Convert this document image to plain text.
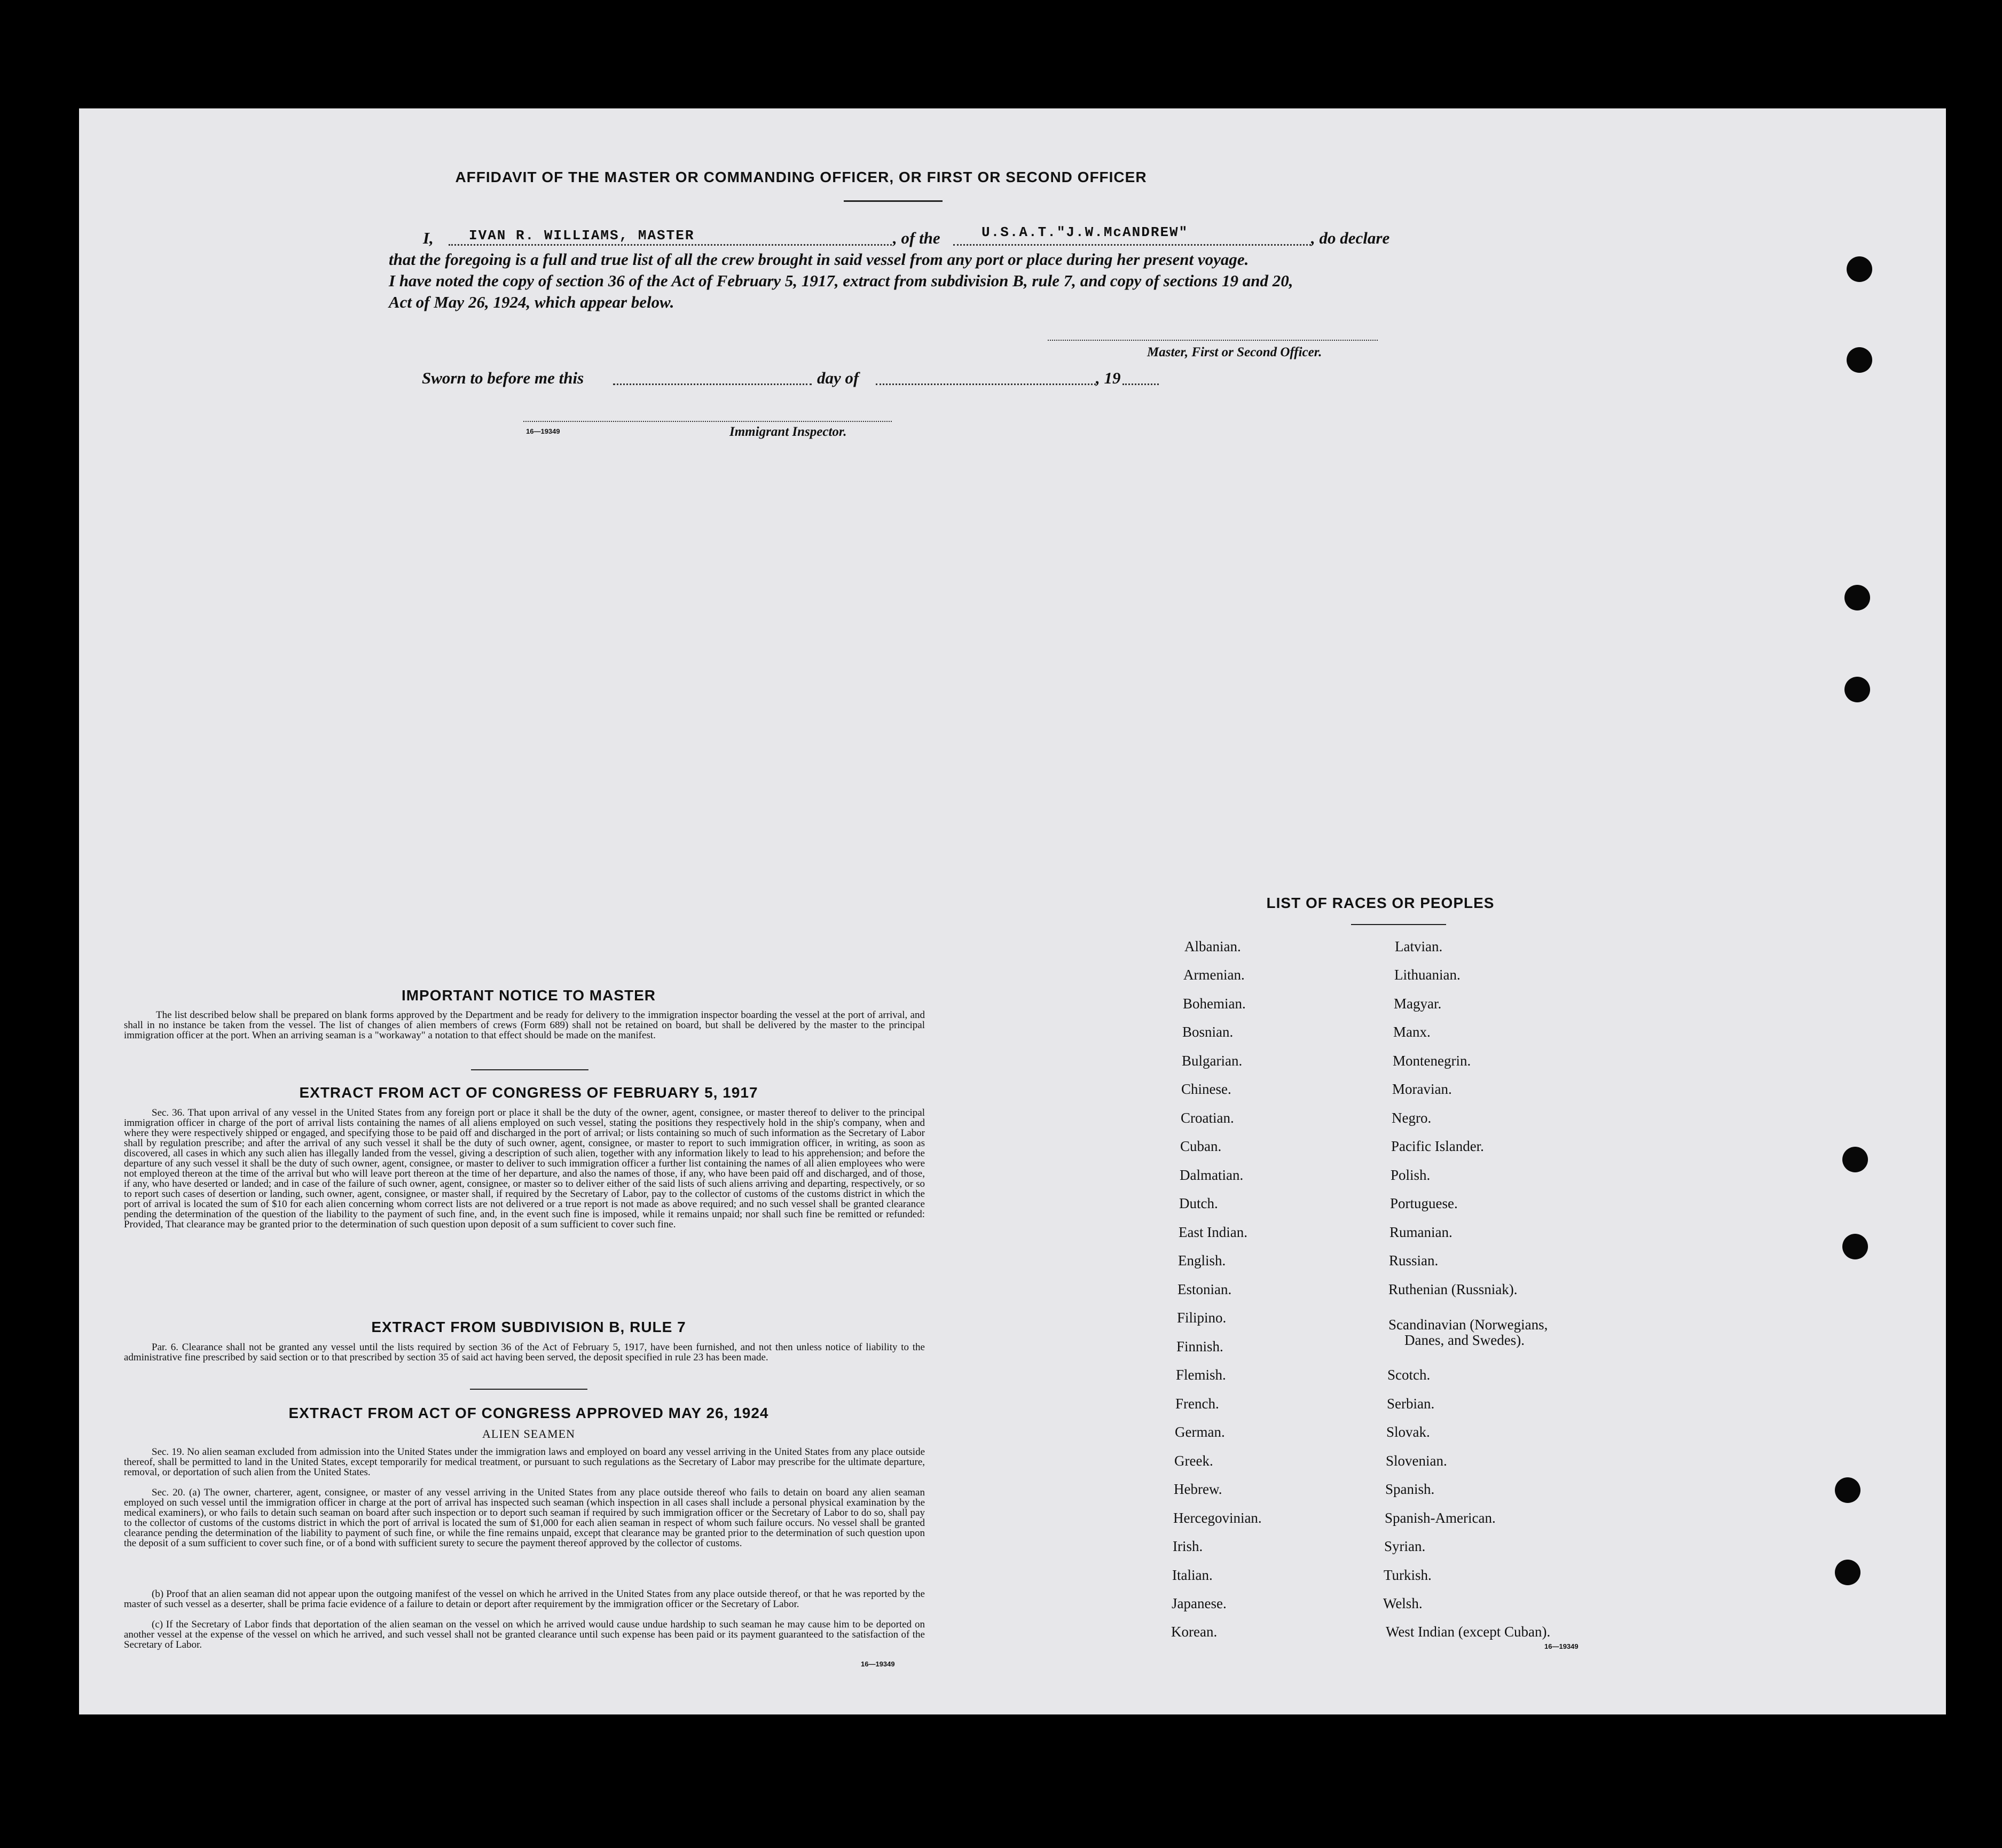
AFFIDAVIT OF THE MASTER OR COMMANDING OFFICER, OR FIRST OR SECOND OFFICER
I,	IVAN R. WILLIAMS, MASTER	, of the	U.S.A.T."J.W.McANDREW"	, do declare
that the foregoing is a full and true list of all the crew brought in said vessel from any port or place during her present voyage.
I have noted the copy of section 36 of the Act of February 5, 1917, extract from subdivision B, rule 7, and copy of sections 19 and 20,
Act of May 26, 1924, which appear below.
Master, First or Second Officer.
Sworn to before me this	day of	, 19
16—19349	Immigrant Inspector.
IMPORTANT NOTICE TO MASTER
The list described below shall be prepared on blank forms approved by the Department and be ready for delivery to the immigration inspector boarding the vessel at the port of arrival, and shall in no instance be taken from the vessel. The list of changes of alien members of crews (Form 689) shall not be retained on board, but shall be delivered by the master to the principal immigration officer at the port. When an arriving seaman is a "workaway" a notation to that effect should be made on the manifest.
EXTRACT FROM ACT OF CONGRESS OF FEBRUARY 5, 1917
Sec. 36. That upon arrival of any vessel in the United States from any foreign port or place it shall be the duty of the owner, agent, consignee, or master thereof to deliver to the principal immigration officer in charge of the port of arrival lists containing the names of all aliens employed on such vessel, stating the positions they respectively hold in the ship's company, when and where they were respectively shipped or engaged, and specifying those to be paid off and discharged in the port of arrival; or lists containing so much of such information as the Secretary of Labor shall by regulation prescribe; and after the arrival of any such vessel it shall be the duty of such owner, agent, consignee, or master to report to such immigration officer, in writing, as soon as discovered, all cases in which any such alien has illegally landed from the vessel, giving a description of such alien, together with any information likely to lead to his apprehension; and before the departure of any such vessel it shall be the duty of such owner, agent, consignee, or master to deliver to such immigration officer a further list containing the names of all alien employees who were not employed thereon at the time of the arrival but who will leave port thereon at the time of her departure, and also the names of those, if any, who have been paid off and discharged, and of those, if any, who have deserted or landed; and in case of the failure of such owner, agent, consignee, or master so to deliver either of the said lists of such aliens arriving and departing, respectively, or so to report such cases of desertion or landing, such owner, agent, consignee, or master shall, if required by the Secretary of Labor, pay to the collector of customs of the customs district in which the port of arrival is located the sum of $10 for each alien concerning whom correct lists are not delivered or a true report is not made as above required; and no such vessel shall be granted clearance pending the determination of the question of the liability to the payment of such fine, and, in the event such fine is imposed, while it remains unpaid; nor shall such fine be remitted or refunded: Provided, That clearance may be granted prior to the determination of such question upon deposit of a sum sufficient to cover such fine.
EXTRACT FROM SUBDIVISION B, RULE 7
Par. 6. Clearance shall not be granted any vessel until the lists required by section 36 of the Act of February 5, 1917, have been furnished, and not then unless notice of liability to the administrative fine prescribed by said section or to that prescribed by section 35 of said act having been served, the deposit specified in rule 23 has been made.
EXTRACT FROM ACT OF CONGRESS APPROVED MAY 26, 1924
ALIEN SEAMEN
Sec. 19. No alien seaman excluded from admission into the United States under the immigration laws and employed on board any vessel arriving in the United States from any place outside thereof, shall be permitted to land in the United States, except temporarily for medical treatment, or pursuant to such regulations as the Secretary of Labor may prescribe for the ultimate departure, removal, or deportation of such alien from the United States.
Sec. 20. (a) The owner, charterer, agent, consignee, or master of any vessel arriving in the United States from any place outside thereof who fails to detain on board any alien seaman employed on such vessel until the immigration officer in charge at the port of arrival has inspected such seaman (which inspection in all cases shall include a personal physical examination by the medical examiners), or who fails to detain such seaman on board after such inspection or to deport such seaman if required by such immigration officer or the Secretary of Labor to do so, shall pay to the collector of customs of the customs district in which the port of arrival is located the sum of $1,000 for each alien seaman in respect of whom such failure occurs. No vessel shall be granted clearance pending the determination of the liability to payment of such fine, or while the fine remains unpaid, except that clearance may be granted prior to the determination of such question upon the deposit of a sum sufficient to cover such fine, or of a bond with sufficient surety to secure the payment thereof approved by the collector of customs.
(b) Proof that an alien seaman did not appear upon the outgoing manifest of the vessel on which he arrived in the United States from any place outside thereof, or that he was reported by the master of such vessel as a deserter, shall be prima facie evidence of a failure to detain or deport after requirement by the immigration officer or the Secretary of Labor.
(c) If the Secretary of Labor finds that deportation of the alien seaman on the vessel on which he arrived would cause undue hardship to such seaman he may cause him to be deported on another vessel at the expense of the vessel on which he arrived, and such vessel shall not be granted clearance until such expense has been paid or its payment guaranteed to the satisfaction of the Secretary of Labor.
16—19349
LIST OF RACES OR PEOPLES
Albanian.
Armenian.
Bohemian.
Bosnian.
Bulgarian.
Chinese.
Croatian.
Cuban.
Dalmatian.
Dutch.
East Indian.
English.
Estonian.
Filipino.
Finnish.
Flemish.
French.
German.
Greek.
Hebrew.
Hercegovinian.
Irish.
Italian.
Japanese.
Korean.
Latvian.
Lithuanian.
Magyar.
Manx.
Montenegrin.
Moravian.
Negro.
Pacific Islander.
Polish.
Portuguese.
Rumanian.
Russian.
Ruthenian (Russniak).
Scandinavian (Norwegians,
Danes, and Swedes).
Scotch.
Serbian.
Slovak.
Slovenian.
Spanish.
Spanish-American.
Syrian.
Turkish.
Welsh.
West Indian (except Cuban).
16—19349
